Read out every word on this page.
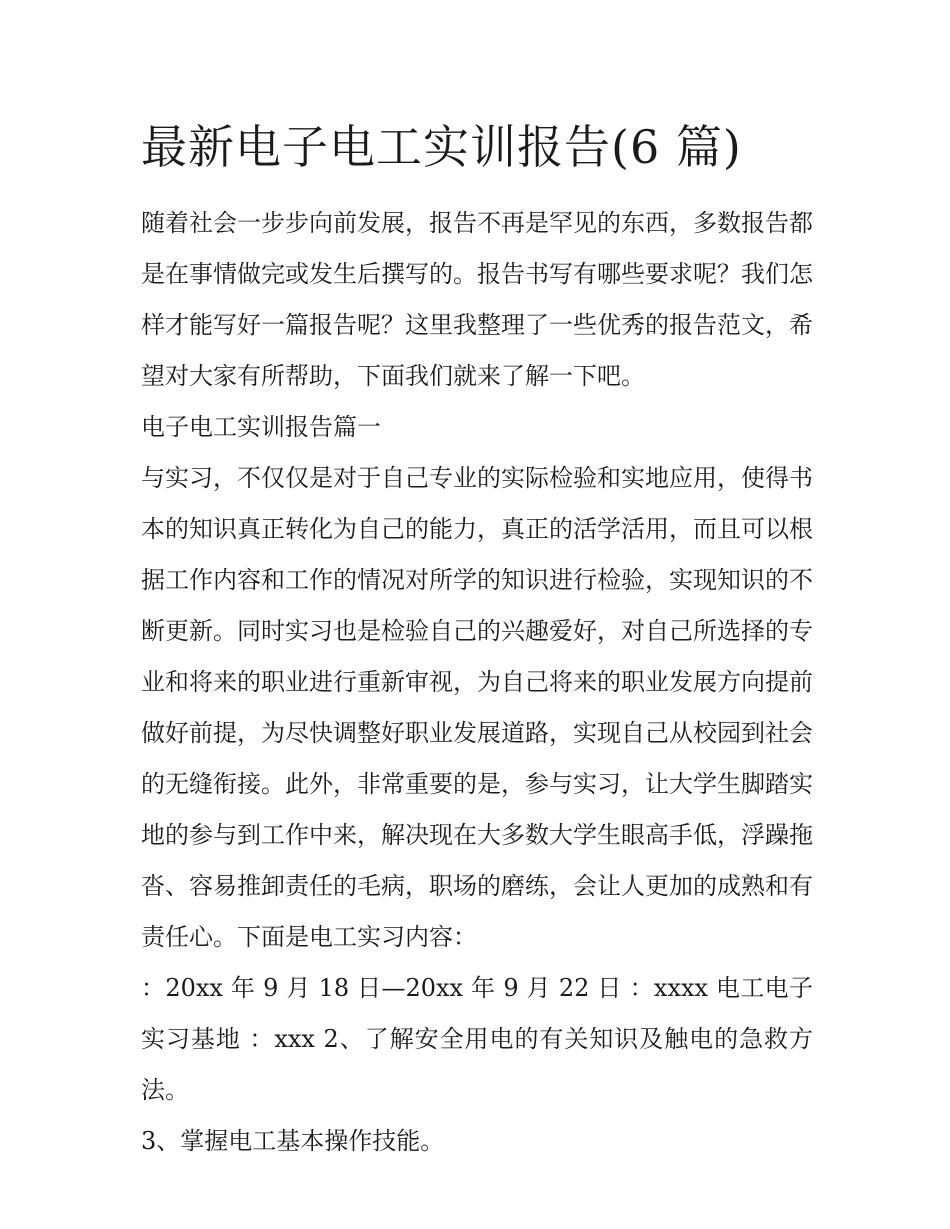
最新电子电工实训报告(6 篇)

随着社会一步步向前发展，报告不再是罕见的东西，多数报告都是在事情做完或发生后撰写的。报告书写有哪些要求呢？我们怎样才能写好一篇报告呢？这里我整理了一些优秀的报告范文，希望对大家有所帮助，下面我们就来了解一下吧。

电子电工实训报告篇一

与实习，不仅仅是对于自己专业的实际检验和实地应用，使得书本的知识真正转化为自己的能力，真正的活学活用，而且可以根据工作内容和工作的情况对所学的知识进行检验，实现知识的不断更新。同时实习也是检验自己的兴趣爱好，对自己所选择的专业和将来的职业进行重新审视，为自己将来的职业发展方向提前做好前提，为尽快调整好职业发展道路，实现自己从校园到社会的无缝衔接。此外，非常重要的是，参与实习，让大学生脚踏实地的参与到工作中来，解决现在大多数大学生眼高手低，浮躁拖沓、容易推卸责任的毛病，职场的磨练，会让人更加的成熟和有责任心。下面是电工实习内容：

：20xx 年 9 月 18 日—20xx 年 9 月 22 日 ：xxxx 电工电子实习基地 ：xxx 2、了解安全用电的有关知识及触电的急救方法。

3、掌握电工基本操作技能。
